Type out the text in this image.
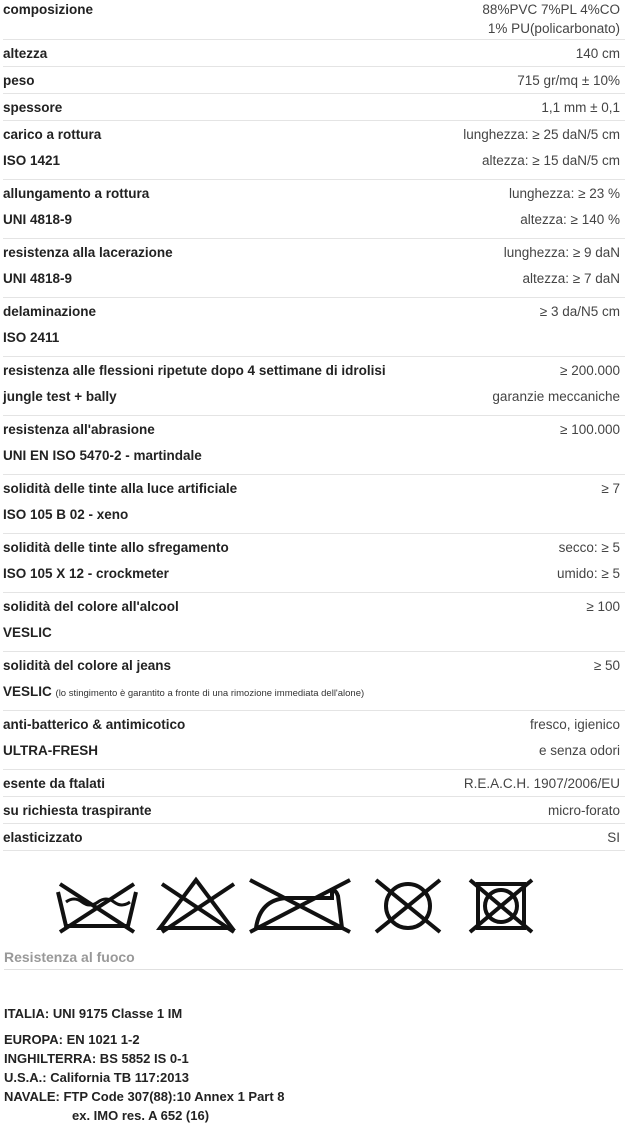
composizione	88%PVC 7%PL 4%CO
1% PU(policarbonato)
altezza	140 cm
peso	715 gr/mq ± 10%
spessore	1,1 mm ± 0,1
carico a rottura	lunghezza: ≥ 25 daN/5 cm
ISO 1421	altezza: ≥ 15 daN/5 cm
allungamento a rottura	lunghezza: ≥ 23 %
UNI 4818-9	altezza: ≥ 140 %
resistenza alla lacerazione	lunghezza: ≥ 9 daN
UNI 4818-9	altezza: ≥ 7 daN
delaminazione	≥ 3 da/N5 cm
ISO 2411
resistenza alle flessioni ripetute dopo 4 settimane di idrolisi	≥ 200.000
jungle test + bally	garanzie meccaniche
resistenza all'abrasione	≥ 100.000
UNI EN ISO 5470-2 - martindale
solidità delle tinte alla luce artificiale	≥ 7
ISO 105 B 02 - xeno
solidità delle tinte allo sfregamento	secco: ≥ 5
ISO 105 X 12 - crockmeter	umido: ≥ 5
solidità del colore all'alcool	≥ 100
VESLIC
solidità del colore al jeans	≥ 50
VESLIC (lo stingimento è garantito a fronte di una rimozione immediata dell'alone)
anti-batterico & antimicotico	fresco, igienico
ULTRA-FRESH	e senza odori
esente da ftalati	R.E.A.C.H. 1907/2006/EU
su richiesta traspirante	micro-forato
elasticizzato	SI
Resistenza al fuoco
ITALIA: UNI 9175 Classe 1 IM
EUROPA: EN 1021 1-2
INGHILTERRA: BS 5852 IS 0-1
U.S.A.: California TB 117:2013
NAVALE: FTP Code 307(88):10 Annex 1 Part 8
ex. IMO res. A 652 (16)
